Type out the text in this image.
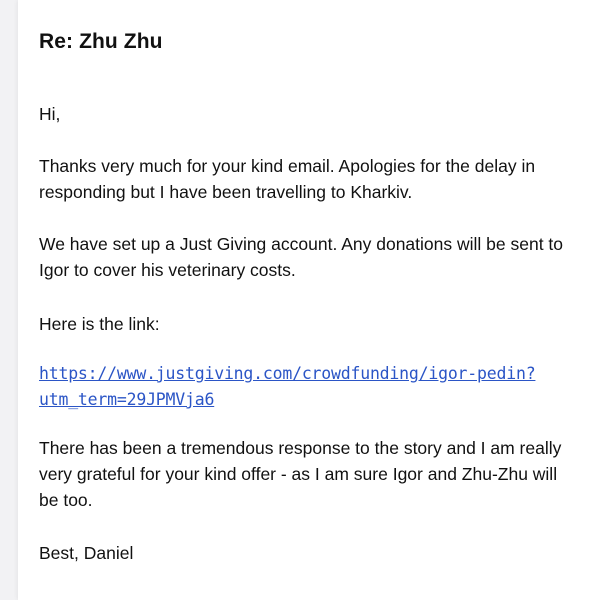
Re: Zhu Zhu

Hi,

Thanks very much for your kind email. Apologies for the delay in
responding but I have been travelling to Kharkiv.

We have set up a Just Giving account. Any donations will be sent to
Igor to cover his veterinary costs.

Here is the link:

https://www.justgiving.com/crowdfunding/igor-pedin?
utm_term=29JPMVja6

There has been a tremendous response to the story and I am really
very grateful for your kind offer - as I am sure Igor and Zhu-Zhu will
be too.

Best, Daniel
